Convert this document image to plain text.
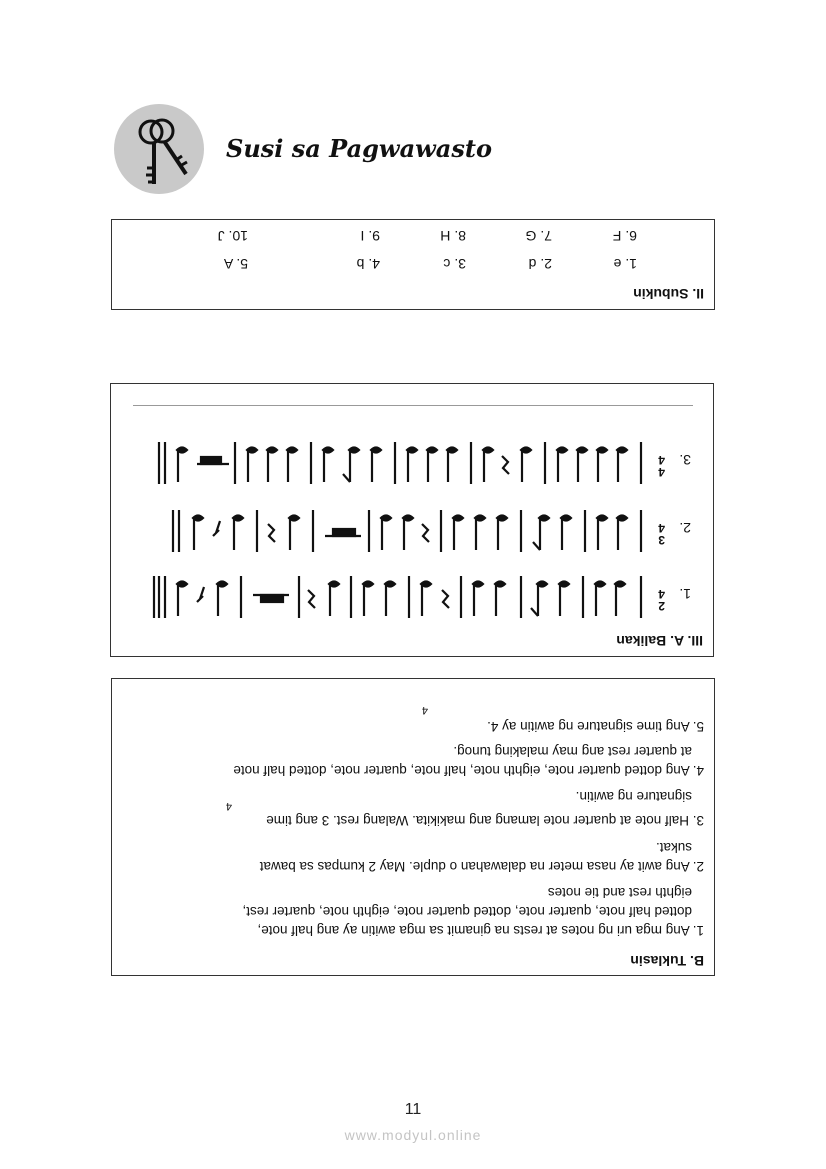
Susi sa Pagwawasto
II. Subukin
1. e
2. d
3. c
4. b
5. A
6. F
7. G
8. H
9. I
10. J
III. A. Balikan
1.
2
4
2.
3
4
3.
4
4
B. Tuklasin
1. Ang mga uri ng notes at rests na ginamit sa mga awitin ay ang half note,
dotted half note, quarter note, dotted quarter note, eighth note, quarter rest,
eighth rest and tie notes
2. Ang awit ay nasa meter na dalawahan o duple. May 2 kumpas sa bawat
sukat.
3. Half note at quarter note lamang ang makikita. Walang rest. 3 ang time
4
signature ng awitin.
4. Ang dotted quarter note, eighth note, half note, quarter note, dotted half note
at quarter rest ang may malaking tunog.
5. Ang time signature ng awitin ay 4.
4
11
www.modyul.online
